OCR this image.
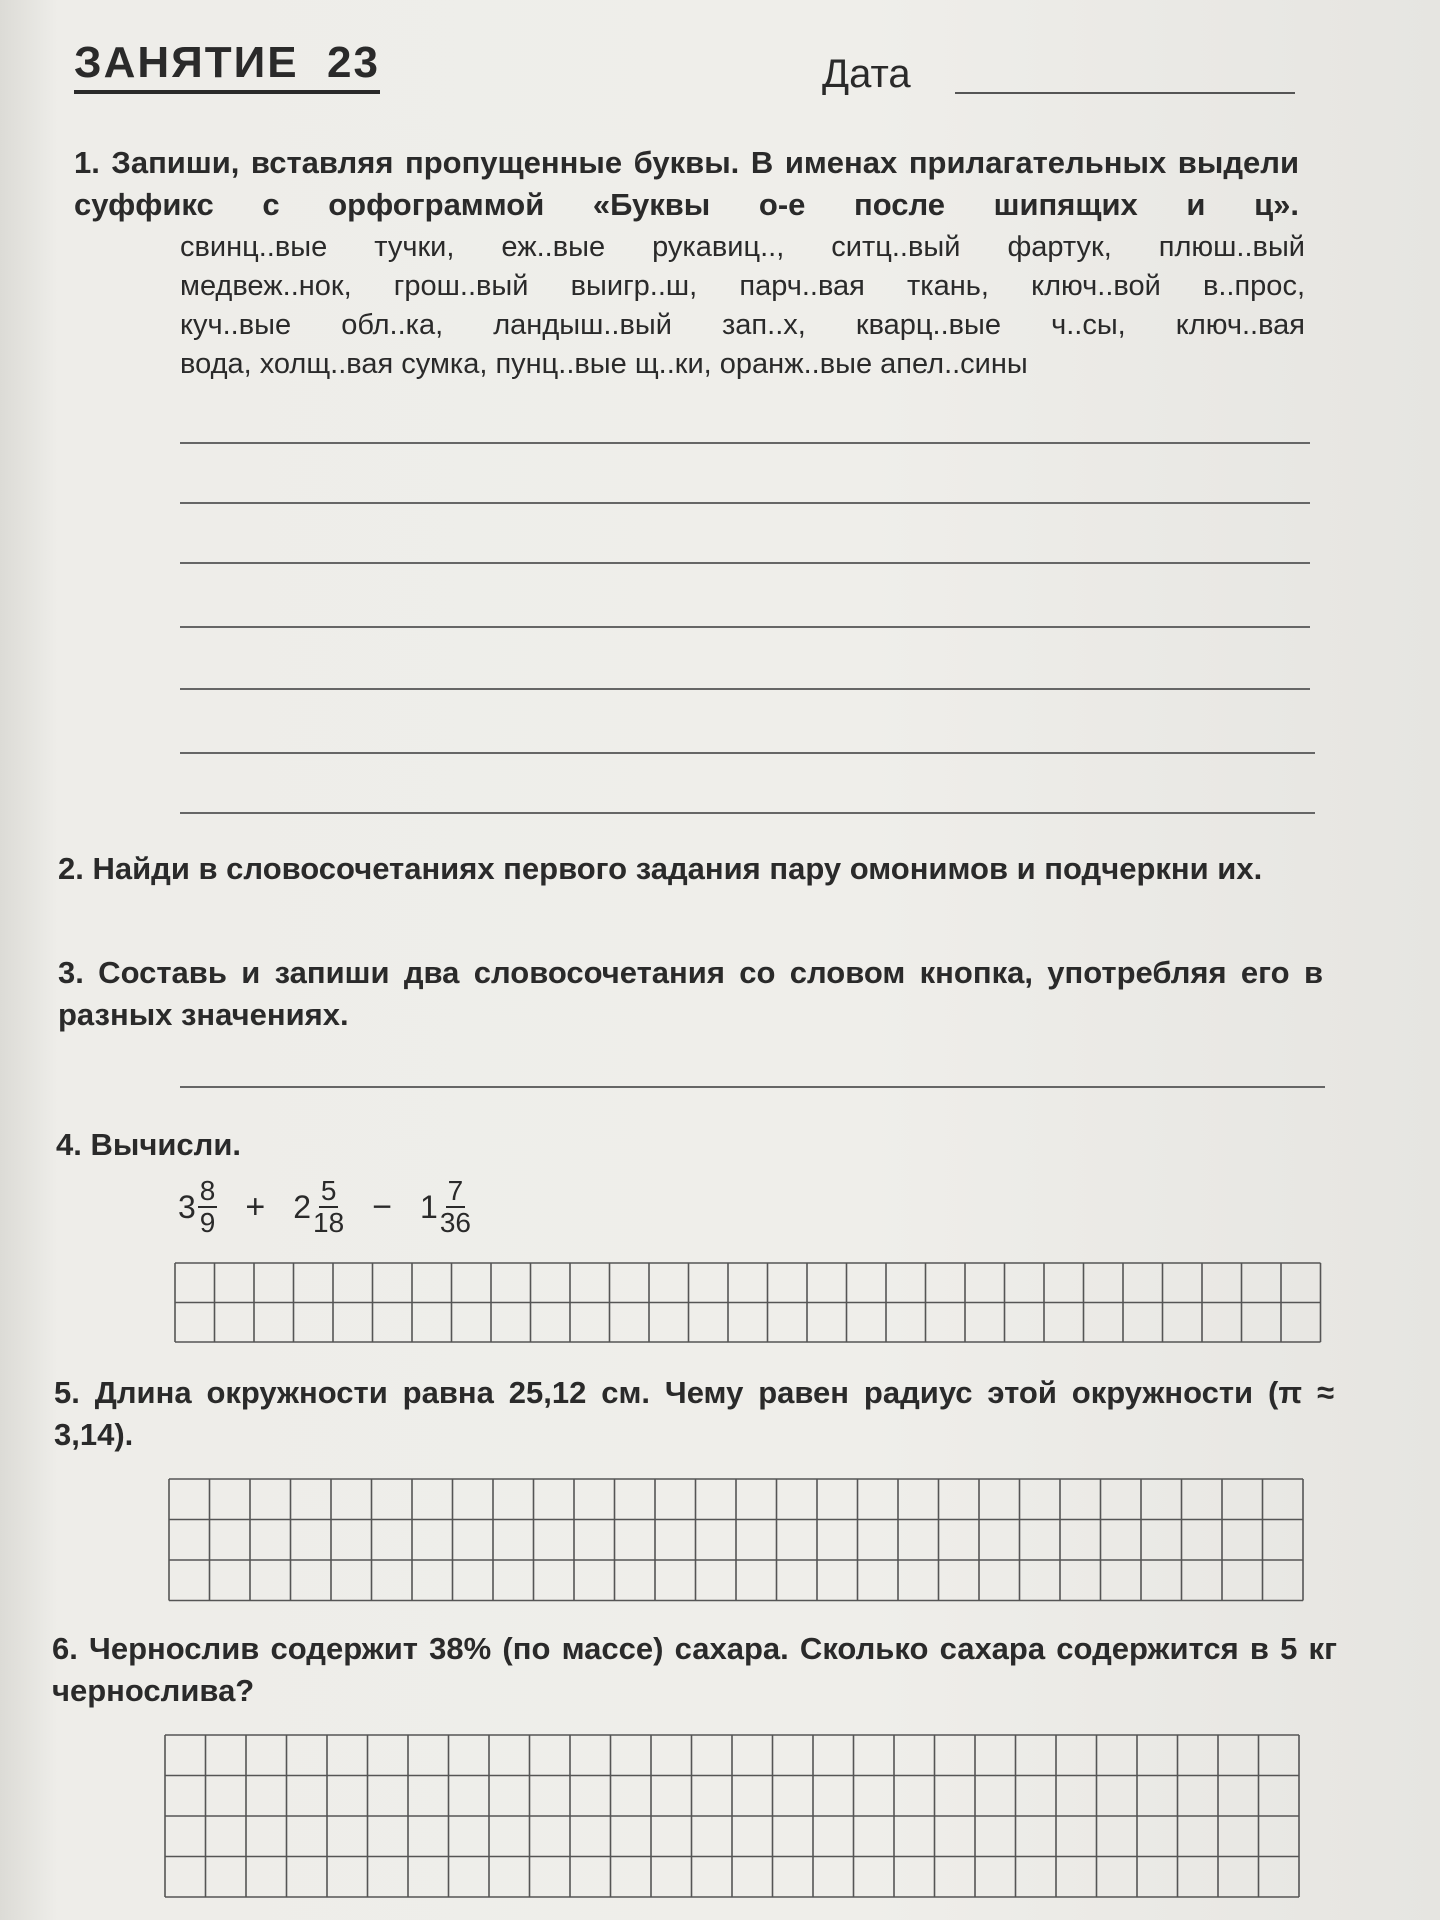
ЗАНЯТИЕ  23	Дата
1. Запиши, вставляя пропущенные буквы. В именах прилагательных выдели суффикс с орфограммой «Буквы о-е после шипящих и ц».
свинц..вые тучки, еж..вые рукавиц.., ситц..вый фартук, плюш..вый
медвеж..нок, грош..вый выигр..ш, парч..вая ткань, ключ..вой в..прос,
куч..вые обл..ка, ландыш..вый зап..х, кварц..вые ч..сы, ключ..вая
вода, холщ..вая сумка, пунц..вые щ..ки, оранж..вые апел..сины
2. Найди в словосочетаниях первого задания пару омонимов и подчеркни их.
3. Составь и запиши два словосочетания со словом кнопка, употребляя его в разных значениях.
4. Вычисли.
$3 \frac{8}{9} + 2 \frac{5}{18} - 1 \frac{7}{36}$
5. Длина окружности равна 25,12 см. Чему равен радиус этой окружности (π ≈ 3,14).
6. Чернослив содержит 38% (по массе) сахара. Сколько сахара содержится в 5 кг чернослива?
